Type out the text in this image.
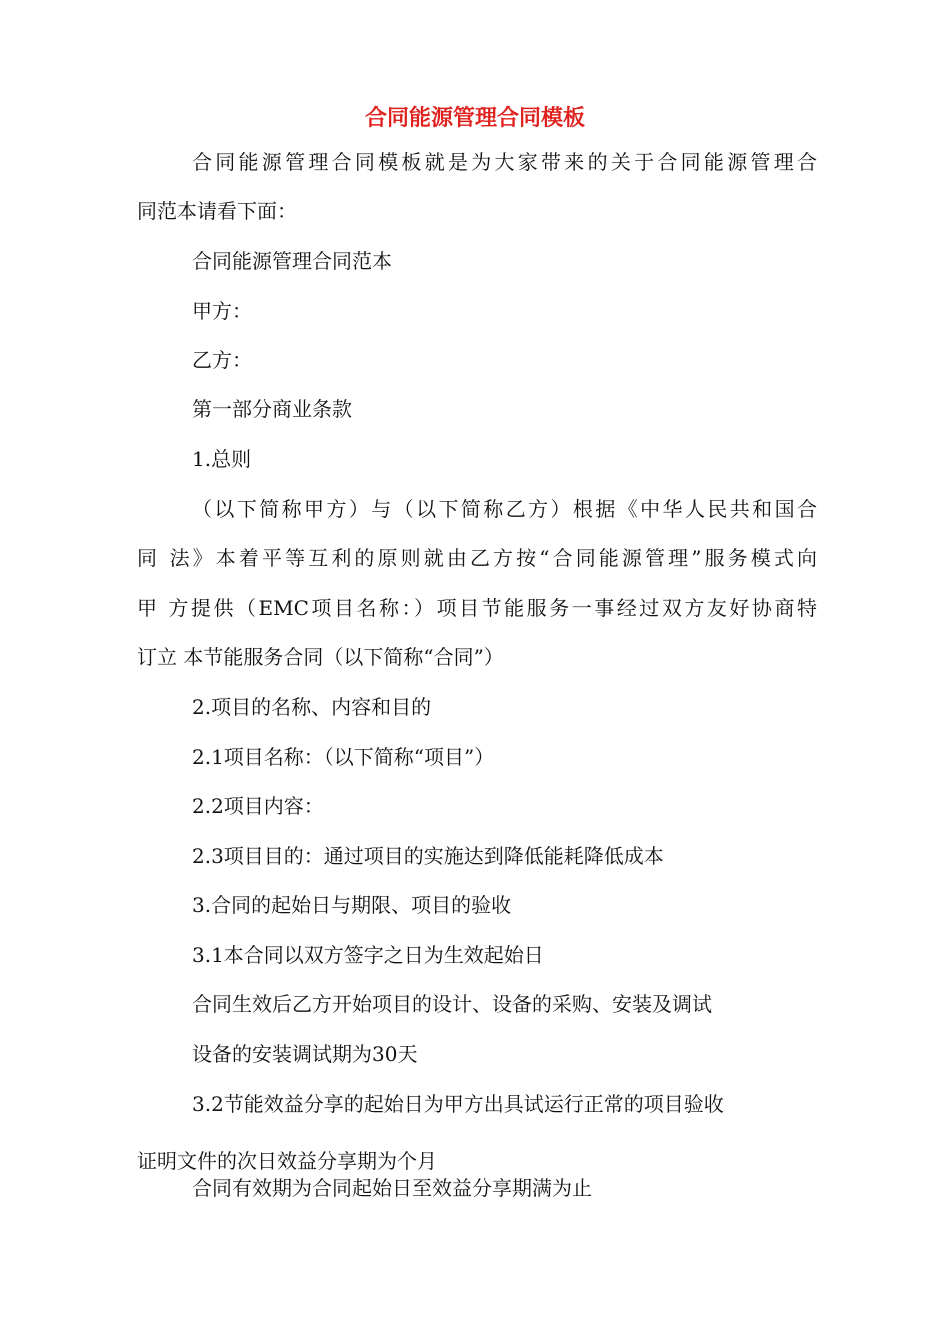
合同能源管理合同模板
合同能源管理合同模板就是为大家带来的关于合同能源管理合
同范本请看下面：
合同能源管理合同范本
甲方：
乙方：
第一部分商业条款
1.总则
（以下简称甲方）与（以下简称乙方）根据《中华人民共和国合
同 法》本着平等互利的原则就由乙方按“合同能源管理”服务模式向
甲 方提供（EMC项目名称：）项目节能服务一事经过双方友好协商特
订立 本节能服务合同（以下简称“合同”）
2.项目的名称、内容和目的
2.1项目名称：（以下简称“项目”）
2.2项目内容：
2.3项目目的：通过项目的实施达到降低能耗降低成本
3.合同的起始日与期限、项目的验收
3.1本合同以双方签字之日为生效起始日
合同生效后乙方开始项目的设计、设备的采购、安装及调试
设备的安装调试期为30天
3.2节能效益分享的起始日为甲方出具试运行正常的项目验收
证明文件的次日效益分享期为个月
合同有效期为合同起始日至效益分享期满为止
